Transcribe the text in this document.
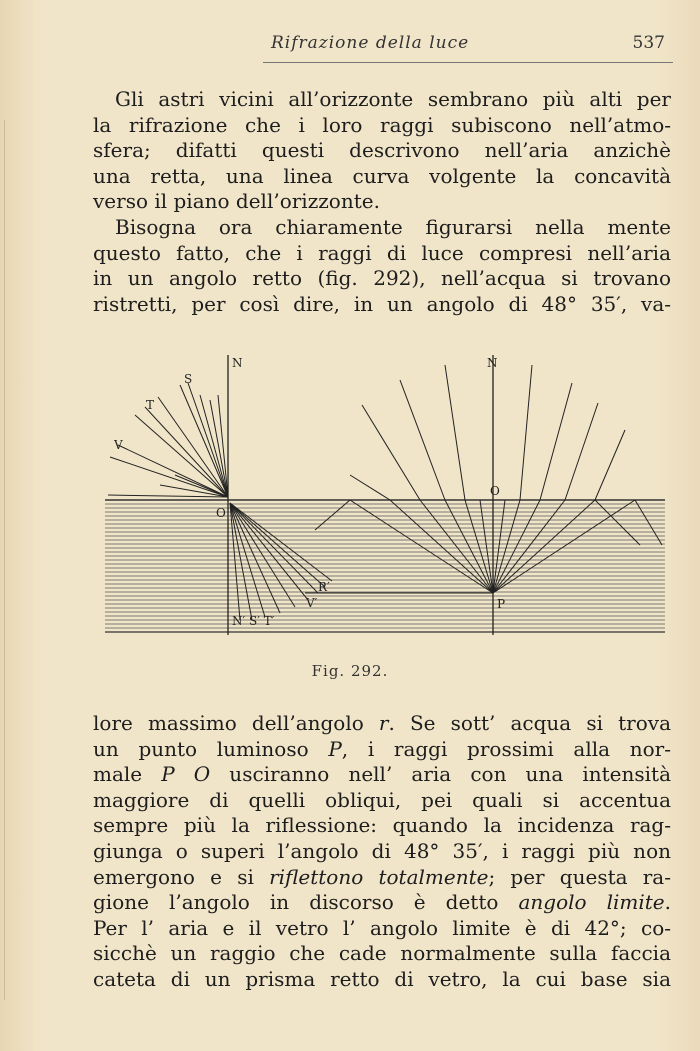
Rifrazione della luce	537
Gli astri vicini all’orizzonte sembrano più alti per
la rifrazione che i loro raggi subiscono nell’atmo-
sfera; difatti questi descrivono nell’aria anzichè
una retta, una linea curva volgente la concavità
verso il piano dell’orizzonte.
Bisogna ora chiaramente figurarsi nella mente
questo fatto, che i raggi di luce compresi nell’aria
in un angolo retto (fig. 292), nell’acqua si trovano
ristretti, per così dire, in un angolo di 48° 35′, va-
N
S
T
V
O
R′
V′
N′ S′ T′
N
O
P
Fig. 292.
lore massimo dell’angolo r. Se sott’ acqua si trova
un punto luminoso P, i raggi prossimi alla nor-
male P O usciranno nell’ aria con una intensità
maggiore di quelli obliqui, pei quali si accentua
sempre più la riflessione: quando la incidenza rag-
giunga o superi l’angolo di 48° 35′, i raggi più non
emergono e si riflettono totalmente; per questa ra-
gione l’angolo in discorso è detto angolo limite.
Per l’ aria e il vetro l’ angolo limite è di 42°; co-
sicchè un raggio che cade normalmente sulla faccia
cateta di un prisma retto di vetro, la cui base sia
